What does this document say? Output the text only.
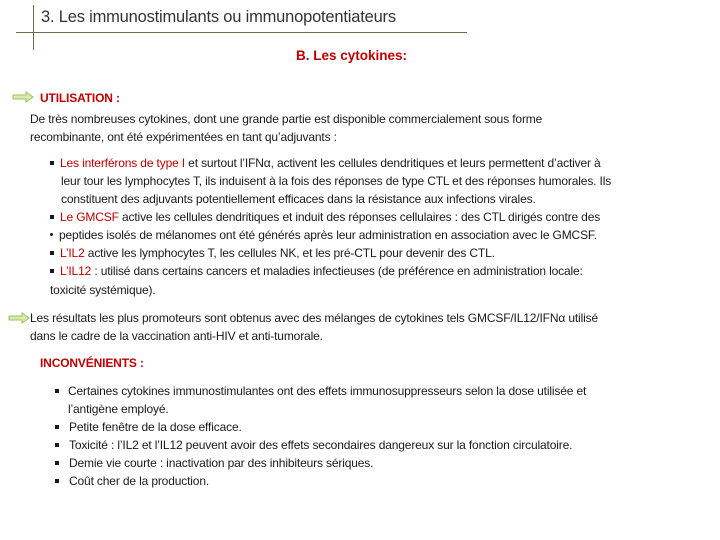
3. Les immunostimulants ou immunopotentiateurs
B. Les cytokines:
UTILISATION :
De très nombreuses cytokines, dont une grande partie est disponible commercialement sous forme
recombinante, ont été expérimentées en tant qu’adjuvants :
Les interférons de type I et surtout l’IFNα, activent les cellules dendritiques et leurs permettent d’activer à
leur tour les lymphocytes T, ils induisent à la fois des réponses de type CTL et des réponses humorales. Ils
constituent des adjuvants potentiellement efficaces dans la résistance aux infections virales.
Le GMCSF active les cellules dendritiques et induit des réponses cellulaires : des CTL dirigés contre des
peptides isolés de mélanomes ont été générés après leur administration en association avec le GMCSF.
L’IL2 active les lymphocytes T, les cellules NK, et les pré-CTL pour devenir des CTL.
L’IL12 : utilisé dans certains cancers et maladies infectieuses (de préférence en administration locale:
toxicité systémique).
Les résultats les plus promoteurs sont obtenus avec des mélanges de cytokines tels GMCSF/IL12/IFNα utilisé
dans le cadre de la vaccination anti-HIV et anti-tumorale.
INCONVÉNIENTS :
Certaines cytokines immunostimulantes ont des effets immunosuppresseurs selon la dose utilisée et
l’antigène employé.
Petite fenêtre de la dose efficace.
Toxicité : l’IL2 et l’IL12 peuvent avoir des effets secondaires dangereux sur la fonction circulatoire.
Demie vie courte : inactivation par des inhibiteurs sériques.
Coût cher de la production.
